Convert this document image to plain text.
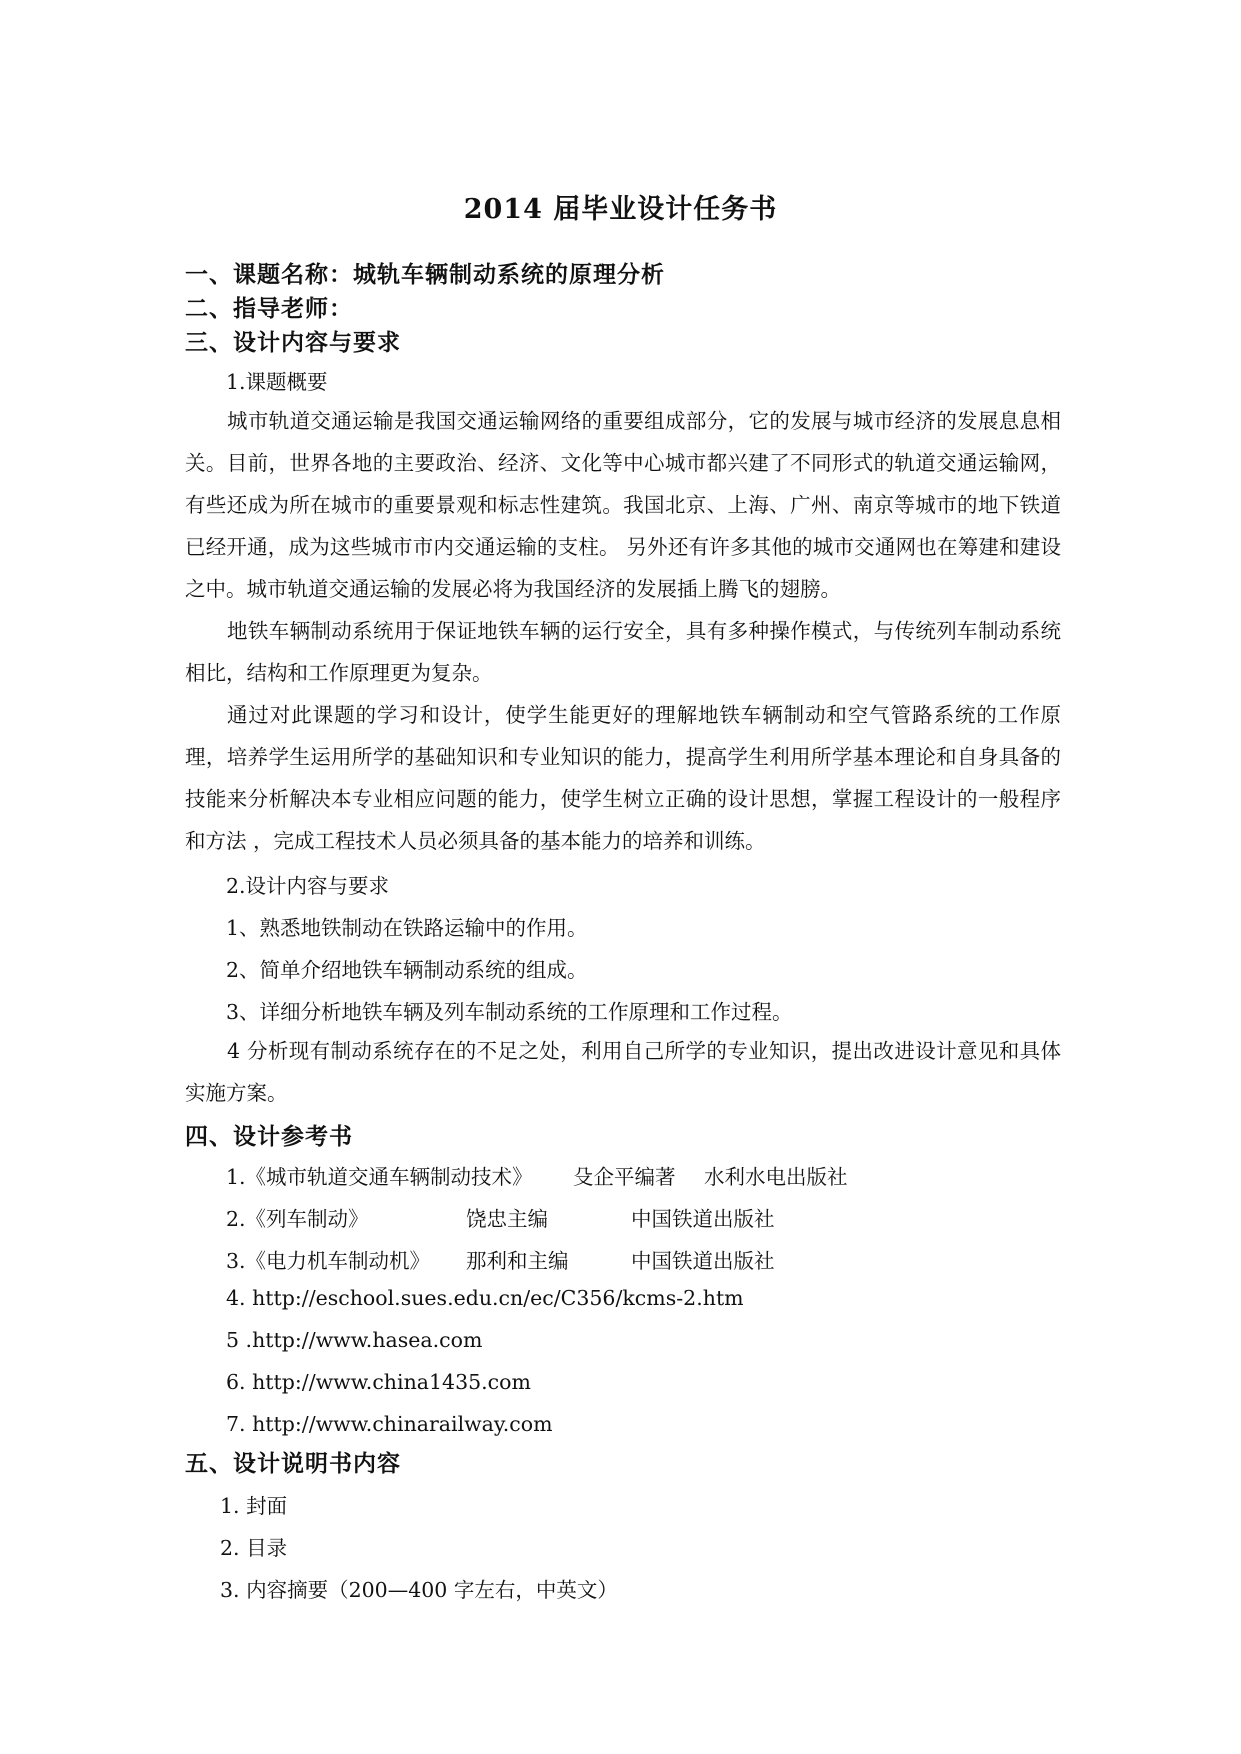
2014 届毕业设计任务书
一、课题名称：城轨车辆制动系统的原理分析
二、指导老师：
三、设计内容与要求
1.课题概要

城市轨道交通运输是我国交通运输网络的重要组成部分，它的发展与城市经济的发展息息相关。目前，世界各地的主要政治、经济、文化等中心城市都兴建了不同形式的轨道交通运输网，有些还成为所在城市的重要景观和标志性建筑。我国北京、上海、广州、南京等城市的地下铁道已经开通，成为这些城市市内交通运输的支柱。 另外还有许多其他的城市交通网也在筹建和建设之中。城市轨道交通运输的发展必将为我国经济的发展插上腾飞的翅膀。

地铁车辆制动系统用于保证地铁车辆的运行安全，具有多种操作模式，与传统列车制动系统相比，结构和工作原理更为复杂。

通过对此课题的学习和设计，使学生能更好的理解地铁车辆制动和空气管路系统的工作原理，培养学生运用所学的基础知识和专业知识的能力，提高学生利用所学基本理论和自身具备的技能来分析解决本专业相应问题的能力，使学生树立正确的设计思想，掌握工程设计的一般程序和方法 ，完成工程技术人员必须具备的基本能力的培养和训练。

2.设计内容与要求
1、熟悉地铁制动在铁路运输中的作用。
2、简单介绍地铁车辆制动系统的组成。
3、详细分析地铁车辆及列车制动系统的工作原理和工作过程。

4 分析现有制动系统存在的不足之处，利用自己所学的专业知识，提出改进设计意见和具体实施方案。

四、设计参考书
1.《城市轨道交通车辆制动技术》 殳企平编著 水利水电出版社
2.《列车制动》	饶忠主编	中国铁道出版社
3.《电力机车制动机》 那利和主编	中国铁道出版社
4. http://eschool.sues.edu.cn/ec/C356/kcms-2.htm
5 .http://www.hasea.com
6. http://www.china1435.com
7. http://www.chinarailway.com
五、设计说明书内容
1. 封面
2. 目录
3. 内容摘要（200—400 字左右，中英文）
